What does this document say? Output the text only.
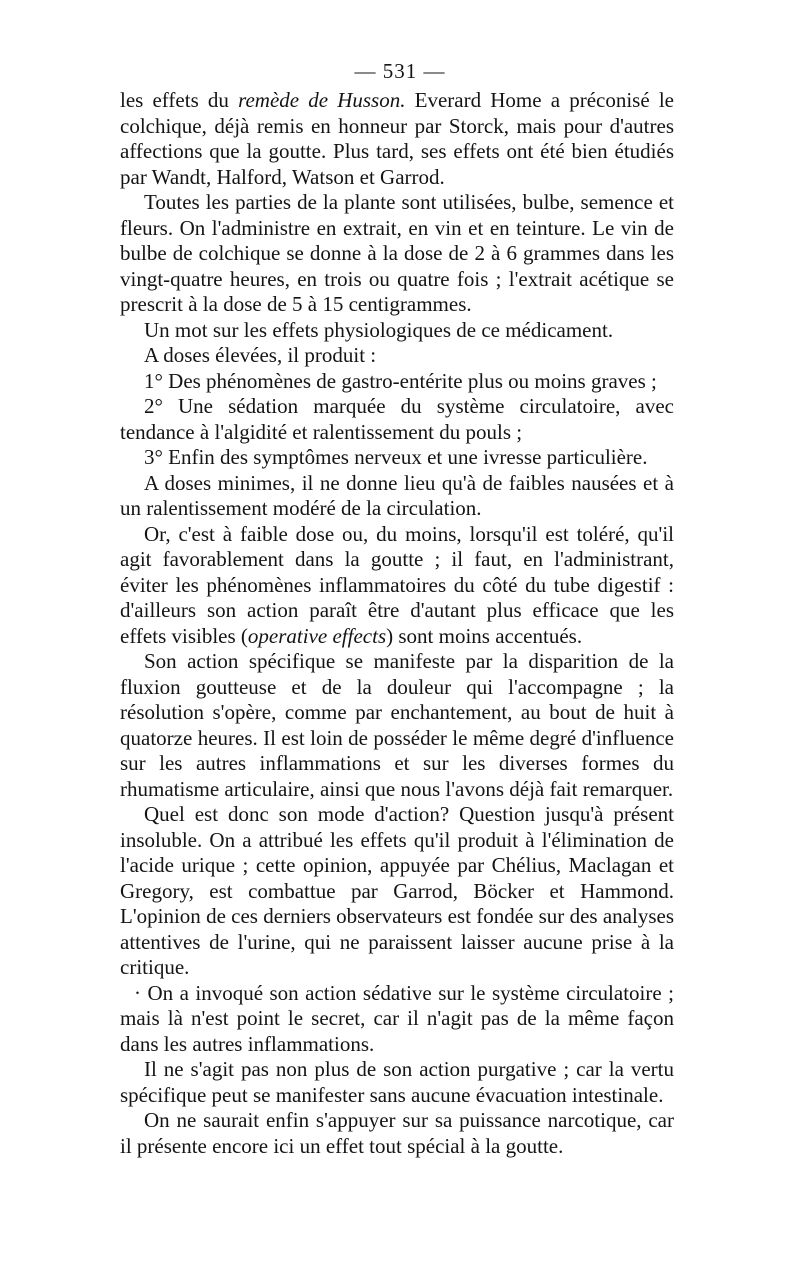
— 531 —

les effets du remède de Husson. Everard Home a préconisé le colchique, déjà remis en honneur par Storck, mais pour d'autres affections que la goutte. Plus tard, ses effets ont été bien étudiés par Wandt, Halford, Watson et Garrod.

Toutes les parties de la plante sont utilisées, bulbe, semence et fleurs. On l'administre en extrait, en vin et en teinture. Le vin de bulbe de colchique se donne à la dose de 2 à 6 grammes dans les vingt-quatre heures, en trois ou quatre fois ; l'extrait acétique se prescrit à la dose de 5 à 15 centigrammes.

Un mot sur les effets physiologiques de ce médicament.

A doses élevées, il produit :

1° Des phénomènes de gastro-entérite plus ou moins graves ;

2° Une sédation marquée du système circulatoire, avec tendance à l'algidité et ralentissement du pouls ;

3° Enfin des symptômes nerveux et une ivresse particulière.

A doses minimes, il ne donne lieu qu'à de faibles nausées et à un ralentissement modéré de la circulation.

Or, c'est à faible dose ou, du moins, lorsqu'il est toléré, qu'il agit favorablement dans la goutte ; il faut, en l'administrant, éviter les phénomènes inflammatoires du côté du tube digestif : d'ailleurs son action paraît être d'autant plus efficace que les effets visibles (operative effects) sont moins accentués.

Son action spécifique se manifeste par la disparition de la fluxion goutteuse et de la douleur qui l'accompagne ; la résolution s'opère, comme par enchantement, au bout de huit à quatorze heures. Il est loin de posséder le même degré d'influence sur les autres inflammations et sur les diverses formes du rhumatisme articulaire, ainsi que nous l'avons déjà fait remarquer.

Quel est donc son mode d'action? Question jusqu'à présent insoluble. On a attribué les effets qu'il produit à l'élimination de l'acide urique ; cette opinion, appuyée par Chélius, Maclagan et Gregory, est combattue par Garrod, Böcker et Hammond. L'opinion de ces derniers observateurs est fondée sur des analyses attentives de l'urine, qui ne paraissent laisser aucune prise à la critique.

· On a invoqué son action sédative sur le système circulatoire ; mais là n'est point le secret, car il n'agit pas de la même façon dans les autres inflammations.

Il ne s'agit pas non plus de son action purgative ; car la vertu spécifique peut se manifester sans aucune évacuation intestinale.

On ne saurait enfin s'appuyer sur sa puissance narcotique, car il présente encore ici un effet tout spécial à la goutte.
